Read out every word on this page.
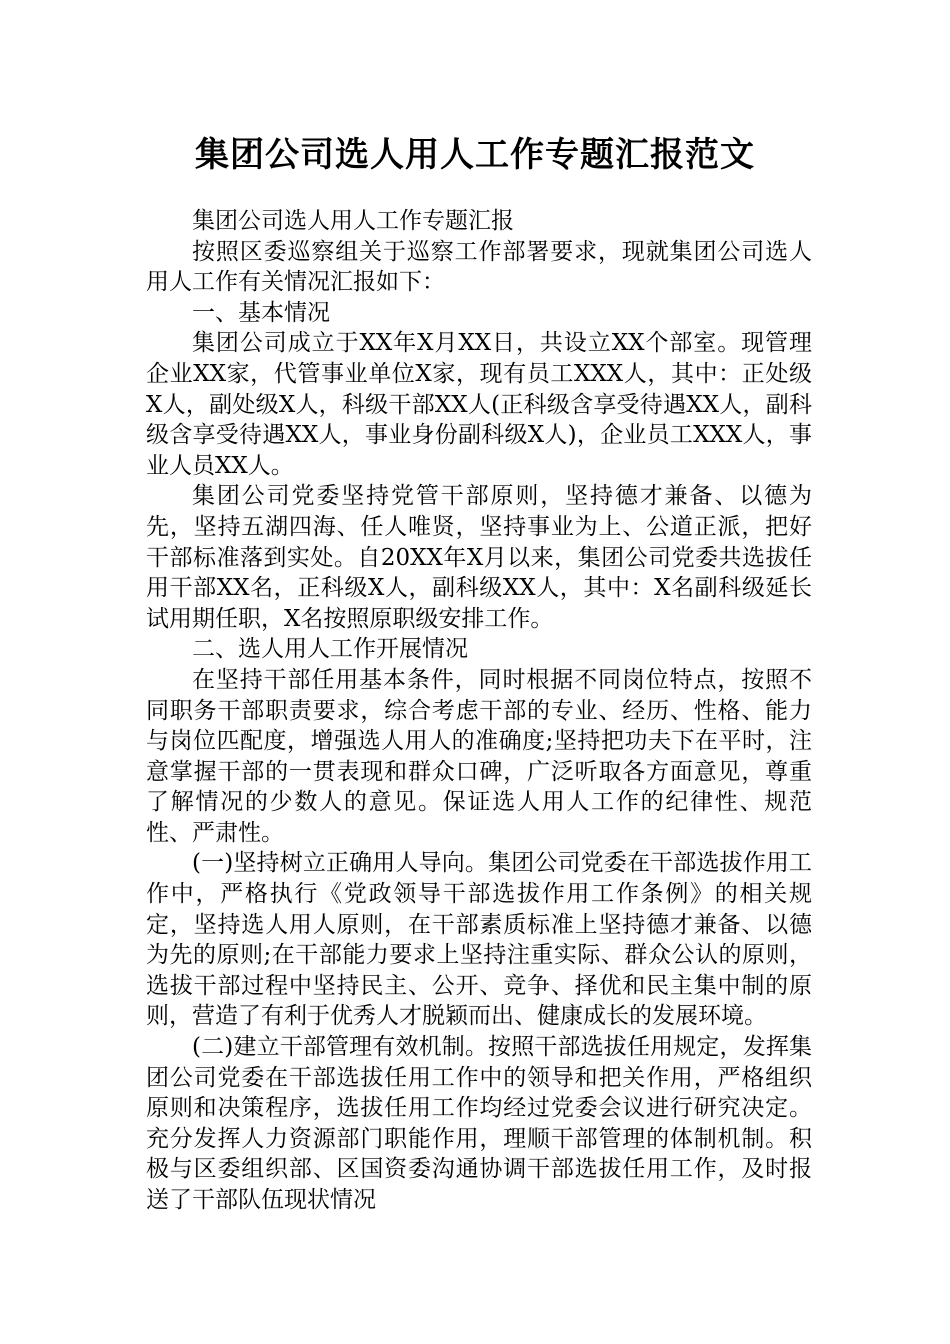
集团公司选人用人工作专题汇报范文

集团公司选人用人工作专题汇报

按照区委巡察组关于巡察工作部署要求，现就集团公司选人用人工作有关情况汇报如下：

一、基本情况

集团公司成立于XX年X月XX日，共设立XX个部室。现管理企业XX家，代管事业单位X家，现有员工XXX人，其中：正处级X人，副处级X人，科级干部XX人(正科级含享受待遇XX人，副科级含享受待遇XX人，事业身份副科级X人)，企业员工XXX人，事业人员XX人。

集团公司党委坚持党管干部原则，坚持德才兼备、以德为先，坚持五湖四海、任人唯贤，坚持事业为上、公道正派，把好干部标准落到实处。自20XX年X月以来，集团公司党委共选拔任用干部XX名，正科级X人，副科级XX人，其中：X名副科级延长试用期任职，X名按照原职级安排工作。

二、选人用人工作开展情况

在坚持干部任用基本条件，同时根据不同岗位特点，按照不同职务干部职责要求，综合考虑干部的专业、经历、性格、能力与岗位匹配度，增强选人用人的准确度;坚持把功夫下在平时，注意掌握干部的一贯表现和群众口碑，广泛听取各方面意见，尊重了解情况的少数人的意见。保证选人用人工作的纪律性、规范性、严肃性。

(一)坚持树立正确用人导向。集团公司党委在干部选拔作用工作中，严格执行《党政领导干部选拔作用工作条例》的相关规定，坚持选人用人原则，在干部素质标准上坚持德才兼备、以德为先的原则;在干部能力要求上坚持注重实际、群众公认的原则，选拔干部过程中坚持民主、公开、竞争、择优和民主集中制的原则，营造了有利于优秀人才脱颖而出、健康成长的发展环境。

(二)建立干部管理有效机制。按照干部选拔任用规定，发挥集团公司党委在干部选拔任用工作中的领导和把关作用，严格组织原则和决策程序，选拔任用工作均经过党委会议进行研究决定。充分发挥人力资源部门职能作用，理顺干部管理的体制机制。积极与区委组织部、区国资委沟通协调干部选拔任用工作，及时报送了干部队伍现状情况
